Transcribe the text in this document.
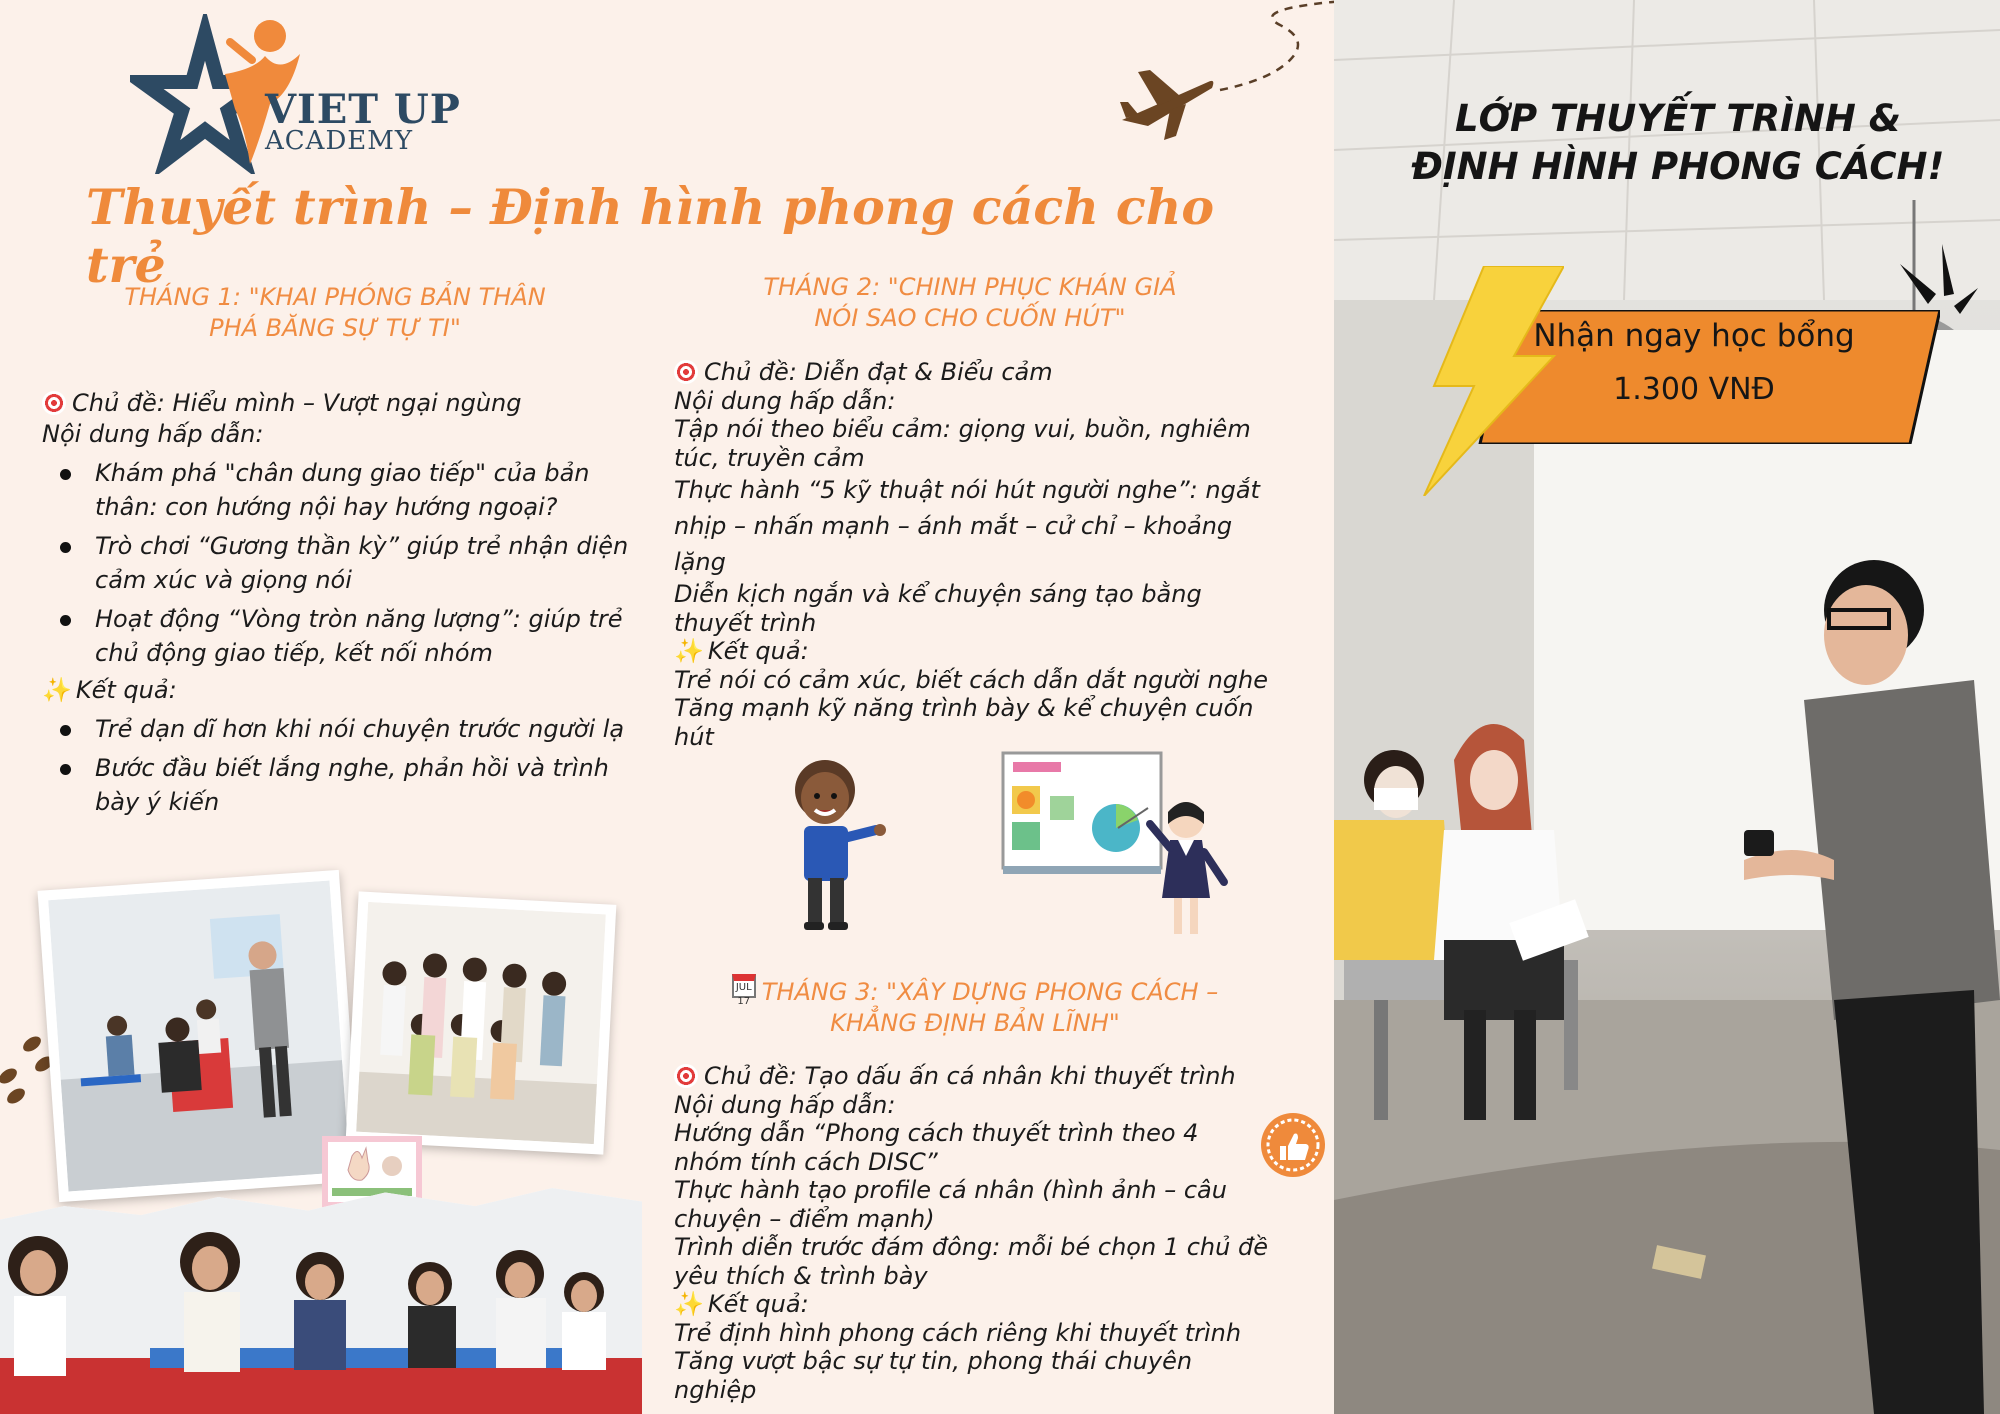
VIET UP
ACADEMY
Thuyết trình – Định hình phong cách cho trẻ
THÁNG 1: "KHAI PHÓNG BẢN THÂN
PHÁ BĂNG SỰ TỰ TI"
Chủ đề: Hiểu mình – Vượt ngại ngùng
Nội dung hấp dẫn:
Khám phá "chân dung giao tiếp" của bản thân: con hướng nội hay hướng ngoại?
Trò chơi “Gương thần kỳ” giúp trẻ nhận diện cảm xúc và giọng nói
Hoạt động “Vòng tròn năng lượng”: giúp trẻ chủ động giao tiếp, kết nối nhóm
✨ Kết quả:
Trẻ dạn dĩ hơn khi nói chuyện trước người lạ
Bước đầu biết lắng nghe, phản hồi và trình bày ý kiến
THÁNG 2: "CHINH PHỤC KHÁN GIẢ
NÓI SAO CHO CUỐN HÚT"
Chủ đề: Diễn đạt & Biểu cảm
Nội dung hấp dẫn:
Tập nói theo biểu cảm: giọng vui, buồn, nghiêm
túc, truyền cảm
Thực hành “5 kỹ thuật nói hút người nghe”: ngắt
nhịp – nhấn mạnh – ánh mắt – cử chỉ – khoảng
lặng
Diễn kịch ngắn và kể chuyện sáng tạo bằng
thuyết trình
✨ Kết quả:
Trẻ nói có cảm xúc, biết cách dẫn dắt người nghe
Tăng mạnh kỹ năng trình bày & kể chuyện cuốn
hút
JUL 17 THÁNG 3: "XÂY DỰNG PHONG CÁCH –
KHẲNG ĐỊNH BẢN LĨNH"
Chủ đề: Tạo dấu ấn cá nhân khi thuyết trình
Nội dung hấp dẫn:
Hướng dẫn “Phong cách thuyết trình theo 4
nhóm tính cách DISC”
Thực hành tạo profile cá nhân (hình ảnh – câu
chuyện – điểm mạnh)
Trình diễn trước đám đông: mỗi bé chọn 1 chủ đề
yêu thích & trình bày
✨ Kết quả:
Trẻ định hình phong cách riêng khi thuyết trình
Tăng vượt bậc sự tự tin, phong thái chuyên
nghiệp
LỚP THUYẾT TRÌNH &
ĐỊNH HÌNH PHONG CÁCH!
Nhận ngay học bổng
1.300 VNĐ
